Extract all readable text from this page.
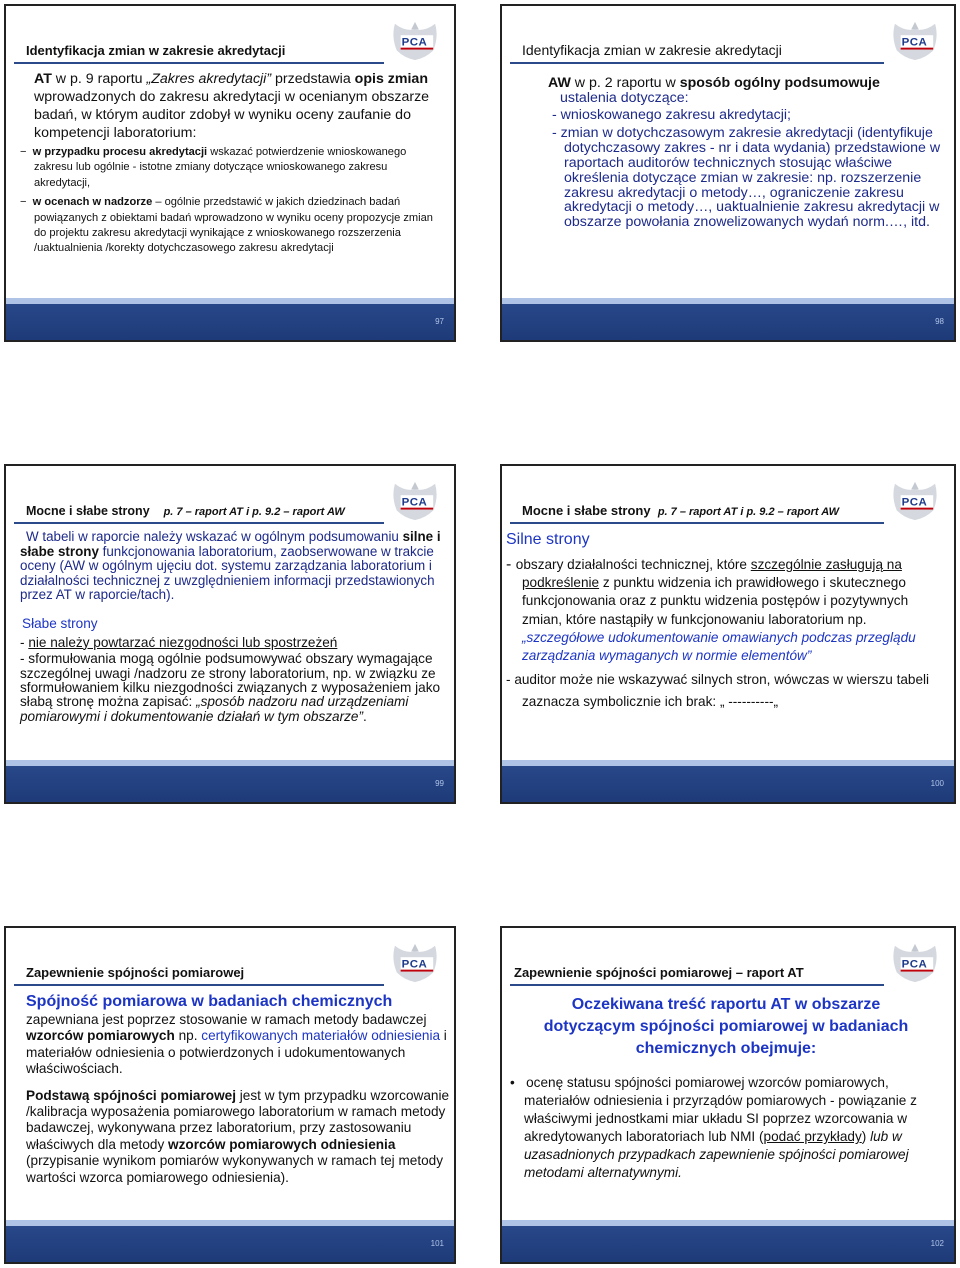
Identyfikacja zmian w zakresie akredytacji

AT w p. 9 raportu „Zakres akredytacji” przedstawia opis zmian wprowadzonych do zakresu akredytacji w ocenianym obszarze badań, w którym auditor zdobył w wyniku oceny zaufanie do kompetencji laboratorium:

− w przypadku procesu akredytacji wskazać potwierdzenie wnioskowanego zakresu lub ogólnie - istotne zmiany dotyczące wnioskowanego zakresu akredytacji,

− w ocenach w nadzorze – ogólnie przedstawić w jakich dziedzinach badań powiązanych z obiektami badań wprowadzono w wyniku oceny propozycje zmian do projektu zakresu akredytacji wynikające z wnioskowanego rozszerzenia /uaktualnienia /korekty dotychczasowego zakresu akredytacji

97
Identyfikacja zmian w zakresie akredytacji

AW w p. 2 raportu w sposób ogólny podsumowuje
ustalenia dotyczące:

- wnioskowanego zakresu akredytacji;

- zmian w dotychczasowym zakresie akredytacji (identyfikuje dotychczasowy zakres - nr i data wydania) przedstawione w raportach auditorów technicznych stosując właściwe określenia dotyczące zmian w zakresie: np. rozszerzenie zakresu akredytacji o metody…, ograniczenie zakresu akredytacji o metody…, uaktualnienie zakresu akredytacji w obszarze powołania znowelizowanych wydań norm.…, itd.

98
Mocne i słabe strony p. 7 – raport AT i p. 9.2 – raport AW

W tabeli w raporcie należy wskazać w ogólnym podsumowaniu silne i słabe strony funkcjonowania laboratorium, zaobserwowane w trakcie oceny (AW w ogólnym ujęciu dot. systemu zarządzania laboratorium i działalności technicznej z uwzględnieniem informacji przedstawionych przez AT w raporcie/tach).

Słabe strony

- nie należy powtarzać niezgodności lub spostrzeżeń

- sformułowania mogą ogólnie podsumowywać obszary wymagające szczególnej uwagi /nadzoru ze strony laboratorium, np. w związku ze sformułowaniem kilku niezgodności związanych z wyposażeniem jako słabą stronę można zapisać: „sposób nadzoru nad urządzeniami pomiarowymi i dokumentowanie działań w tym obszarze”.

99
Mocne i słabe strony p. 7 – raport AT i p. 9.2 – raport AW

Silne strony

- obszary działalności technicznej, które szczególnie zasługują na podkreślenie z punktu widzenia ich prawidłowego i skutecznego funkcjonowania oraz z punktu widzenia postępów i pozytywnych zmian, które nastąpiły w funkcjonowaniu laboratorium np. „szczegółowe udokumentowanie omawianych podczas przeglądu zarządzania wymaganych w normie elementów”

- auditor może nie wskazywać silnych stron, wówczas w wierszu tabeli zaznacza symbolicznie ich brak: „ ----------„

100
Zapewnienie spójności pomiarowej

Spójność pomiarowa w badaniach chemicznych

zapewniana jest poprzez stosowanie w ramach metody badawczej wzorców pomiarowych np. certyfikowanych materiałów odniesienia i materiałów odniesienia o potwierdzonych i udokumentowanych właściwościach.

Podstawą spójności pomiarowej jest w tym przypadku wzorcowanie /kalibracja wyposażenia pomiarowego laboratorium w ramach metody badawczej, wykonywana przez laboratorium, przy zastosowaniu właściwych dla metody wzorców pomiarowych odniesienia (przypisanie wynikom pomiarów wykonywanych w ramach tej metody wartości wzorca pomiarowego odniesienia).

101
Zapewnienie spójności pomiarowej – raport AT

Oczekiwana treść raportu AT w obszarze dotyczącym spójności pomiarowej w badaniach chemicznych obejmuje:

• ocenę statusu spójności pomiarowej wzorców pomiarowych, materiałów odniesienia i przyrządów pomiarowych - powiązanie z właściwymi jednostkami miar układu SI poprzez wzorcowania w akredytowanych laboratoriach lub NMI (podać przykłady) lub w uzasadnionych przypadkach zapewnienie spójności pomiarowej metodami alternatywnymi.

102
